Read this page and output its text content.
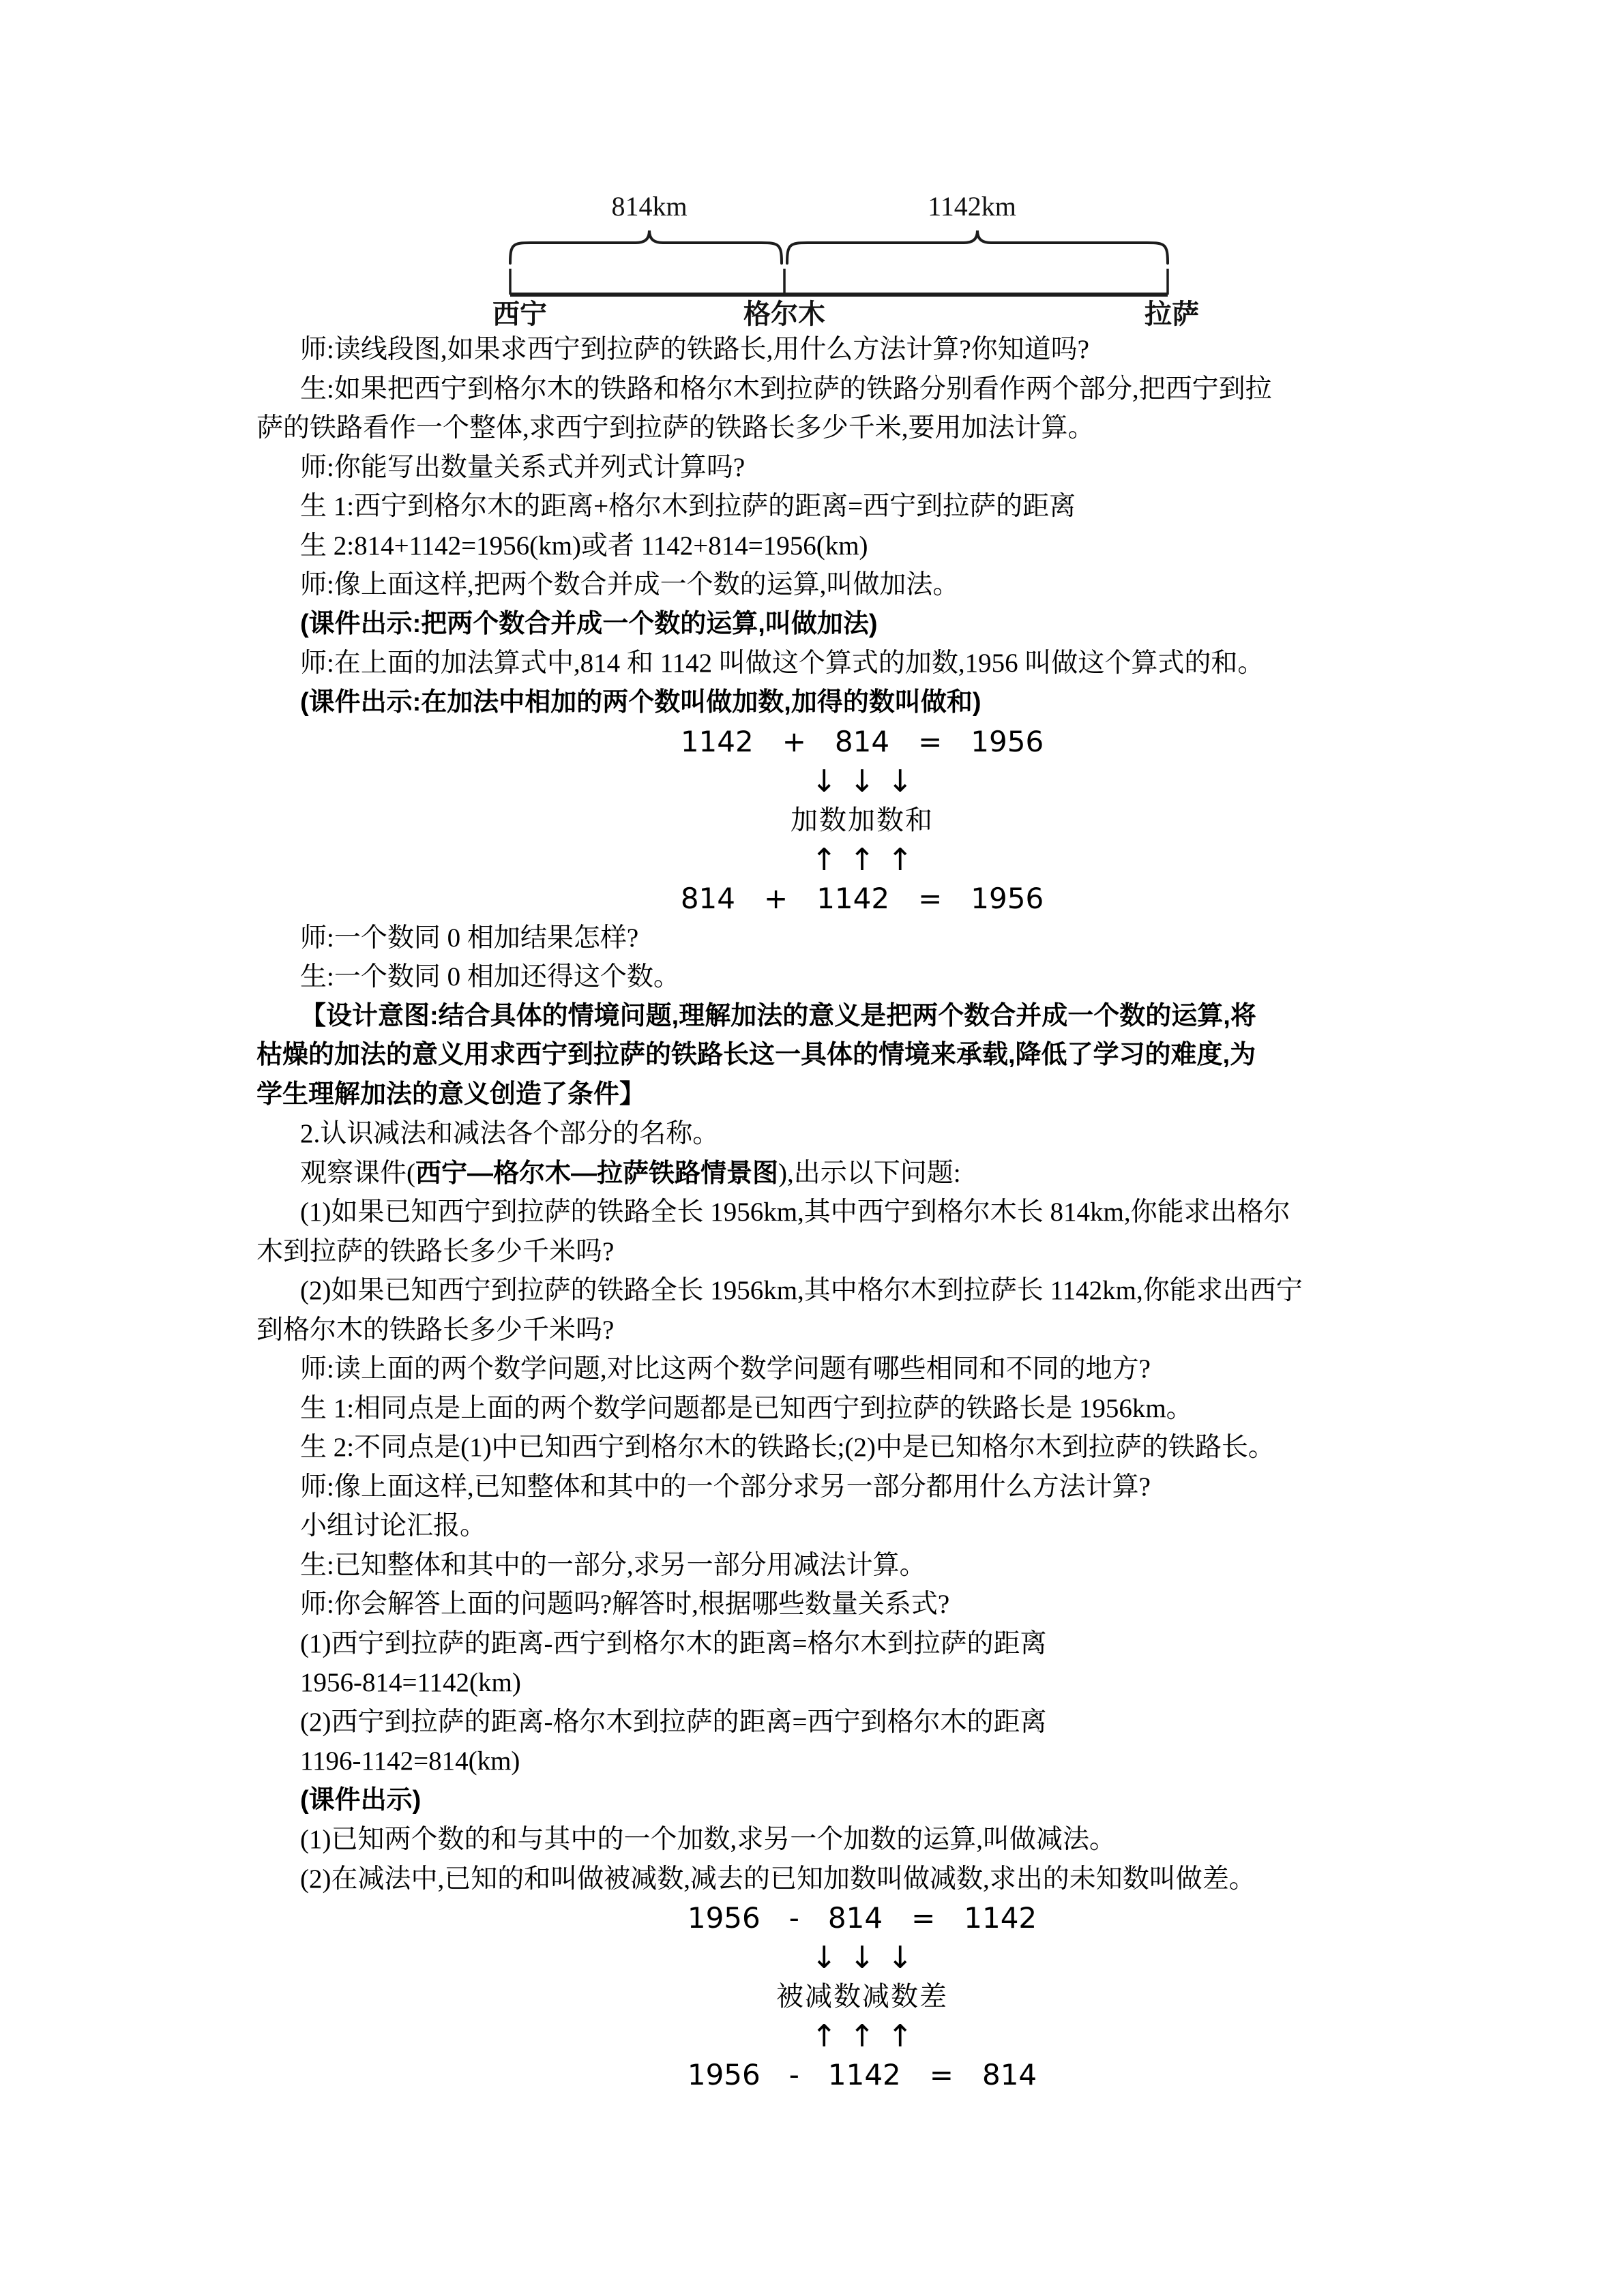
814km	1142km
西宁	格尔木	拉萨
师:读线段图,如果求西宁到拉萨的铁路长,用什么方法计算?你知道吗?
生:如果把西宁到格尔木的铁路和格尔木到拉萨的铁路分别看作两个部分,把西宁到拉
萨的铁路看作一个整体,求西宁到拉萨的铁路长多少千米,要用加法计算。
师:你能写出数量关系式并列式计算吗?
生 1:西宁到格尔木的距离+格尔木到拉萨的距离=西宁到拉萨的距离
生 2:814+1142=1956(km)或者 1142+814=1956(km)
师:像上面这样,把两个数合并成一个数的运算,叫做加法。
(课件出示:把两个数合并成一个数的运算,叫做加法)
师:在上面的加法算式中,814 和 1142 叫做这个算式的加数,1956 叫做这个算式的和。
(课件出示:在加法中相加的两个数叫做加数,加得的数叫做和)
1142 + 814 = 1956
↓ ↓ ↓
加数加数和
↑ ↑ ↑
814 + 1142 = 1956
师:一个数同 0 相加结果怎样?
生:一个数同 0 相加还得这个数。
【设计意图:结合具体的情境问题,理解加法的意义是把两个数合并成一个数的运算,将
枯燥的加法的意义用求西宁到拉萨的铁路长这一具体的情境来承载,降低了学习的难度,为
学生理解加法的意义创造了条件】
2.认识减法和减法各个部分的名称。
观察课件(西宁—格尔木—拉萨铁路情景图),出示以下问题:
(1)如果已知西宁到拉萨的铁路全长 1956km,其中西宁到格尔木长 814km,你能求出格尔
木到拉萨的铁路长多少千米吗?
(2)如果已知西宁到拉萨的铁路全长 1956km,其中格尔木到拉萨长 1142km,你能求出西宁
到格尔木的铁路长多少千米吗?
师:读上面的两个数学问题,对比这两个数学问题有哪些相同和不同的地方?
生 1:相同点是上面的两个数学问题都是已知西宁到拉萨的铁路长是 1956km。
生 2:不同点是(1)中已知西宁到格尔木的铁路长;(2)中是已知格尔木到拉萨的铁路长。
师:像上面这样,已知整体和其中的一个部分求另一部分都用什么方法计算?
小组讨论汇报。
生:已知整体和其中的一部分,求另一部分用减法计算。
师:你会解答上面的问题吗?解答时,根据哪些数量关系式?
(1)西宁到拉萨的距离-西宁到格尔木的距离=格尔木到拉萨的距离
1956-814=1142(km)
(2)西宁到拉萨的距离-格尔木到拉萨的距离=西宁到格尔木的距离
1196-1142=814(km)
(课件出示)
(1)已知两个数的和与其中的一个加数,求另一个加数的运算,叫做减法。
(2)在减法中,已知的和叫做被减数,减去的已知加数叫做减数,求出的未知数叫做差。
1956 - 814 = 1142
↓ ↓ ↓
被减数减数差
↑ ↑ ↑
1956 - 1142 = 814
